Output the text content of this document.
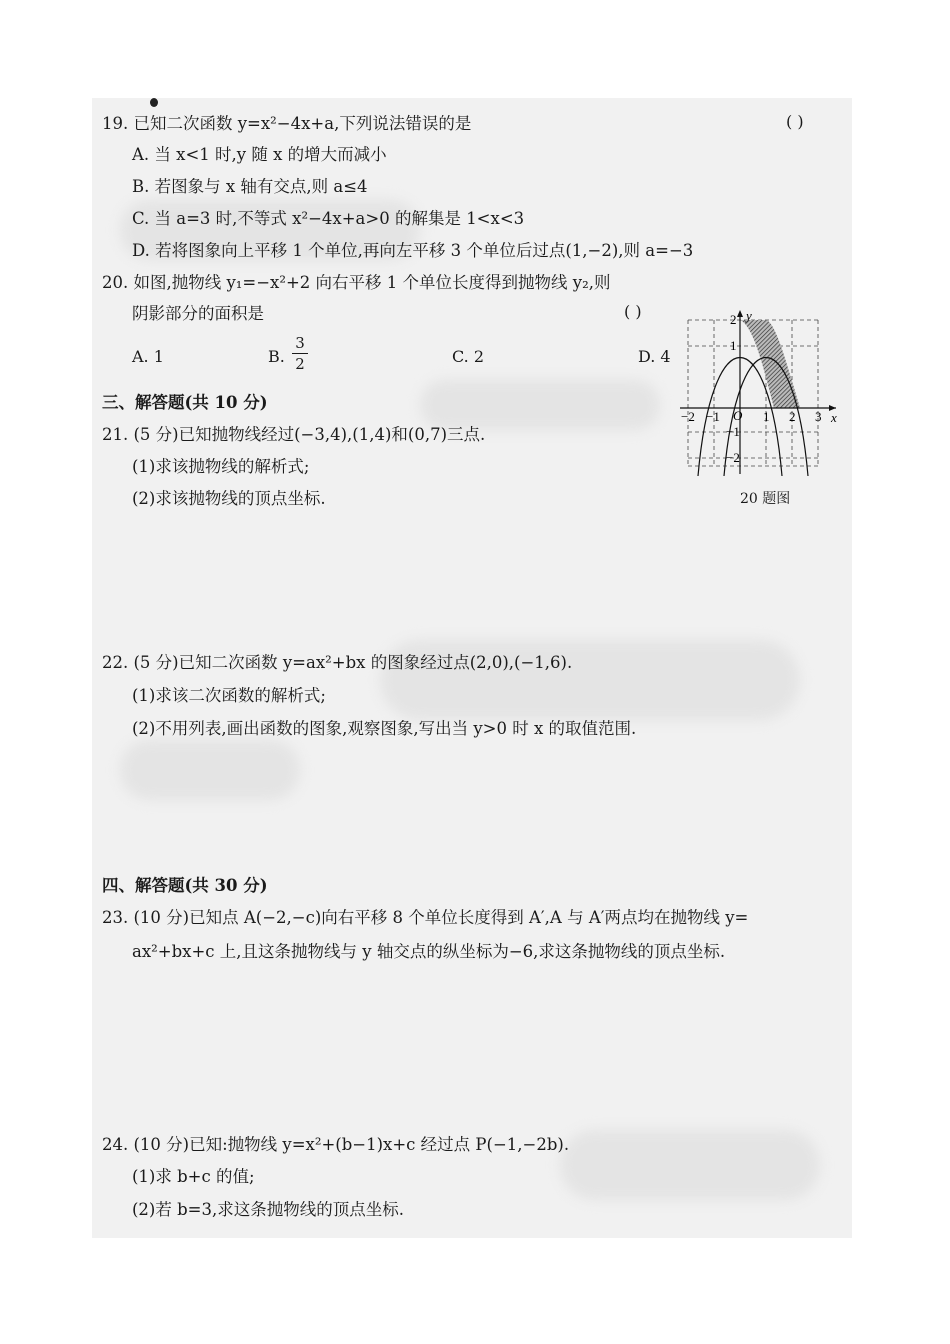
19. 已知二次函数 y=x²−4x+a,下列说法错误的是	( )
A. 当 x<1 时,y 随 x 的增大而减小
B. 若图象与 x 轴有交点,则 a≤4
C. 当 a=3 时,不等式 x²−4x+a>0 的解集是 1<x<3
D. 若将图象向上平移 1 个单位,再向左平移 3 个单位后过点(1,−2),则 a=−3
20. 如图,抛物线 y₁=−x²+2 向右平移 1 个单位长度得到抛物线 y₂,则
阴影部分的面积是	( )
A. 1	B.
3
2	C. 2	D. 4
y
x
O
−2 −1	1 2 3
2
1
−1
−2
20 题图
三、解答题(共 10 分)
21. (5 分)已知抛物线经过(−3,4),(1,4)和(0,7)三点.
(1)求该抛物线的解析式;
(2)求该抛物线的顶点坐标.
22. (5 分)已知二次函数 y=ax²+bx 的图象经过点(2,0),(−1,6).
(1)求该二次函数的解析式;
(2)不用列表,画出函数的图象,观察图象,写出当 y>0 时 x 的取值范围.
四、解答题(共 30 分)
23. (10 分)已知点 A(−2,−c)向右平移 8 个单位长度得到 A′,A 与 A′两点均在抛物线 y=
ax²+bx+c 上,且这条抛物线与 y 轴交点的纵坐标为−6,求这条抛物线的顶点坐标.
24. (10 分)已知:抛物线 y=x²+(b−1)x+c 经过点 P(−1,−2b).
(1)求 b+c 的值;
(2)若 b=3,求这条抛物线的顶点坐标.
